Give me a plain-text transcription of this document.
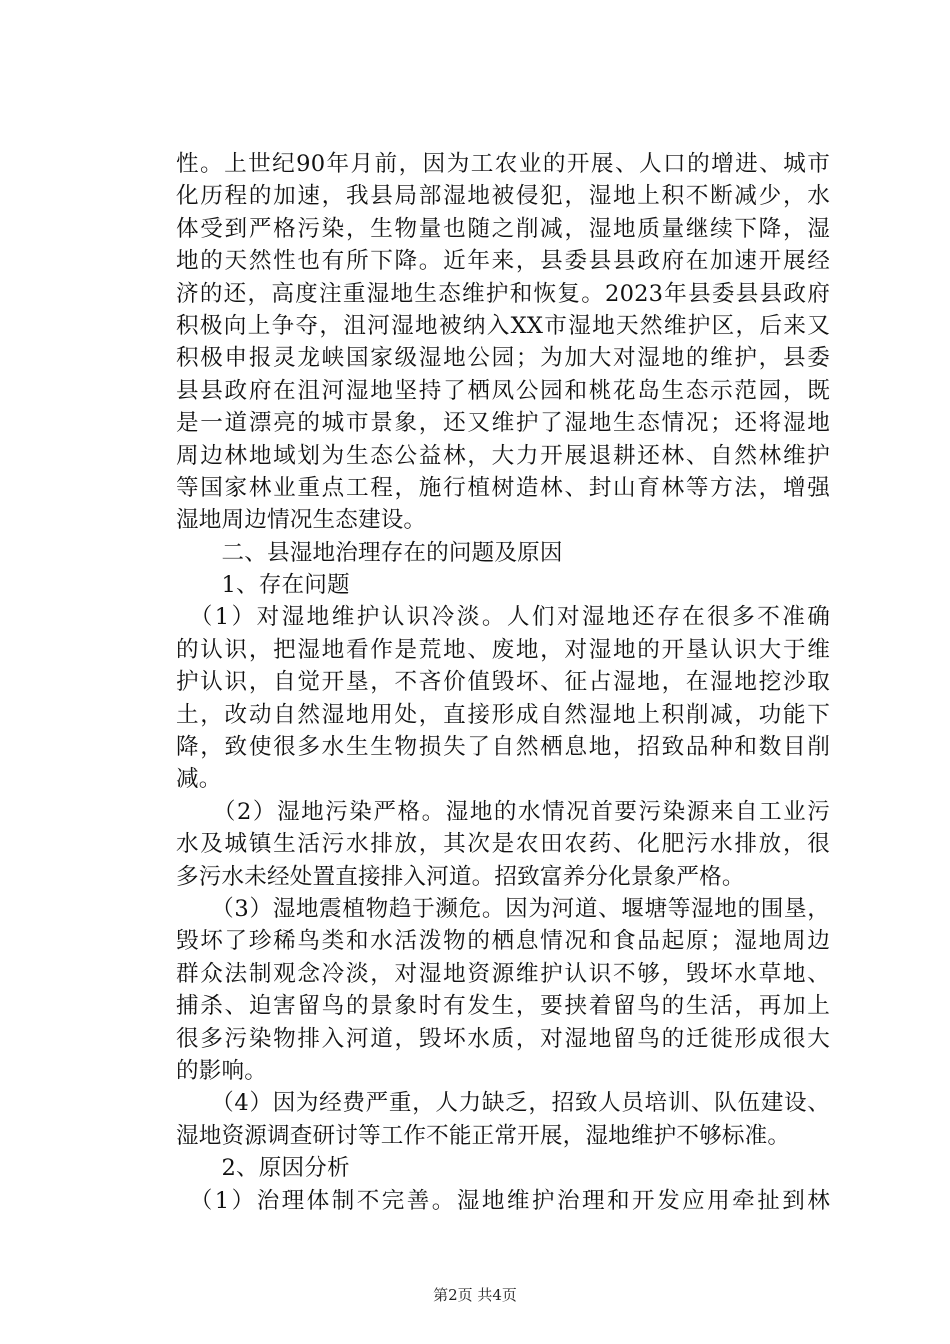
性。上世纪90年月前，因为工农业的开展、人口的增进、城市
化历程的加速，我县局部湿地被侵犯，湿地上积不断减少，水
体受到严格污染，生物量也随之削减，湿地质量继续下降，湿
地的天然性也有所下降。近年来，县委县县政府在加速开展经
济的还，高度注重湿地生态维护和恢复。2023年县委县县政府
积极向上争夺，沮河湿地被纳入XX市湿地天然维护区，后来又
积极申报灵龙峡国家级湿地公园；为加大对湿地的维护，县委
县县政府在沮河湿地坚持了栖凤公园和桃花岛生态示范园，既
是一道漂亮的城市景象，还又维护了湿地生态情况；还将湿地
周边林地域划为生态公益林，大力开展退耕还林、自然林维护
等国家林业重点工程，施行植树造林、封山育林等方法，增强
湿地周边情况生态建设。
　　二、县湿地治理存在的问题及原因
　　1、存在问题
　（1）对湿地维护认识冷淡。人们对湿地还存在很多不准确
的认识，把湿地看作是荒地、废地，对湿地的开垦认识大于维
护认识，自觉开垦，不吝价值毁坏、征占湿地，在湿地挖沙取
土，改动自然湿地用处，直接形成自然湿地上积削减，功能下
降，致使很多水生生物损失了自然栖息地，招致品种和数目削
减。
　　（2）湿地污染严格。湿地的水情况首要污染源来自工业污
水及城镇生活污水排放，其次是农田农药、化肥污水排放，很
多污水未经处置直接排入河道。招致富养分化景象严格。
　　（3）湿地震植物趋于濒危。因为河道、堰塘等湿地的围垦，
毁坏了珍稀鸟类和水活泼物的栖息情况和食品起原；湿地周边
群众法制观念冷淡，对湿地资源维护认识不够，毁坏水草地、
捕杀、迫害留鸟的景象时有发生，要挟着留鸟的生活，再加上
很多污染物排入河道，毁坏水质，对湿地留鸟的迁徙形成很大
的影响。
　　（4）因为经费严重，人力缺乏，招致人员培训、队伍建设、
湿地资源调查研讨等工作不能正常开展，湿地维护不够标准。
　　2、原因分析
　（1）治理体制不完善。湿地维护治理和开发应用牵扯到林
第2页 共4页
